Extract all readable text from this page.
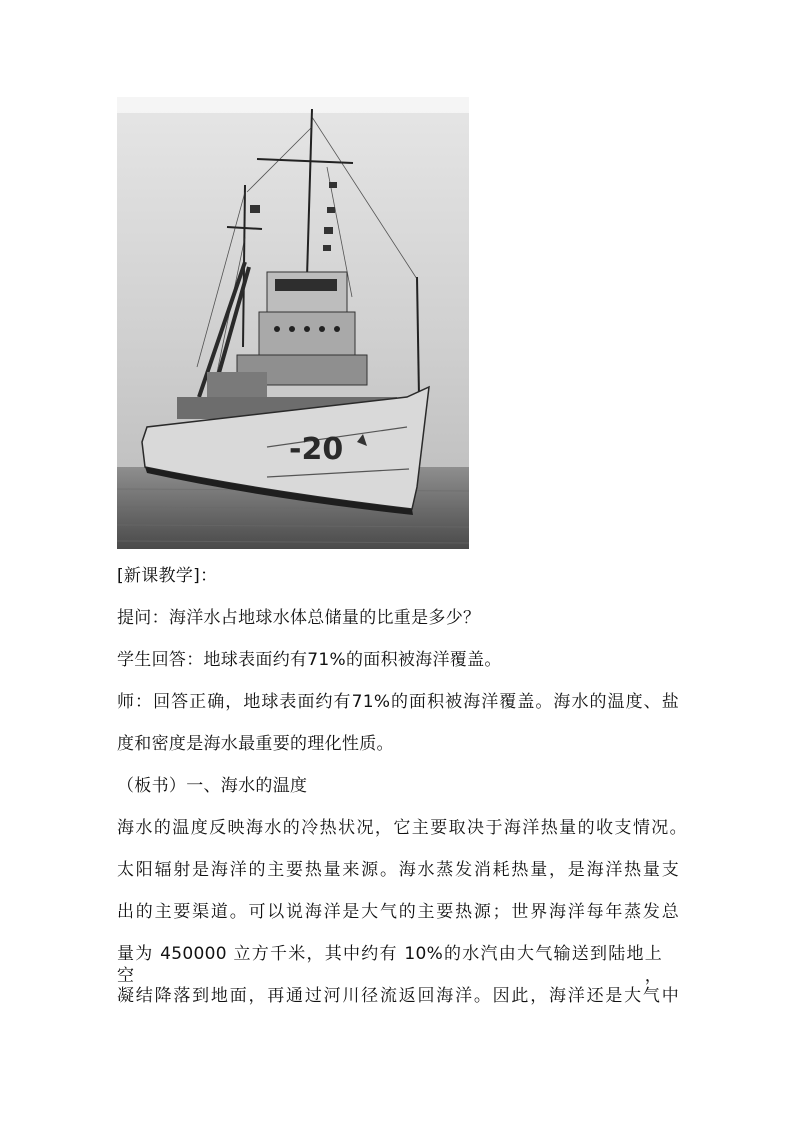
-20
[新课教学]：
提问：海洋水占地球水体总储量的比重是多少？
学生回答：地球表面约有71%的面积被海洋覆盖。
师：回答正确，地球表面约有71%的面积被海洋覆盖。海水的温度、盐
度和密度是海水最重要的理化性质。
（板书）一、海水的温度
海水的温度反映海水的冷热状况，它主要取决于海洋热量的收支情况。
太阳辐射是海洋的主要热量来源。海水蒸发消耗热量，是海洋热量支
出的主要渠道。可以说海洋是大气的主要热源；世界海洋每年蒸发总
量为 450000 立方千米，其中约有 10%的水汽由大气输送到陆地上空，
凝结降落到地面，再通过河川径流返回海洋。因此，海洋还是大气中
